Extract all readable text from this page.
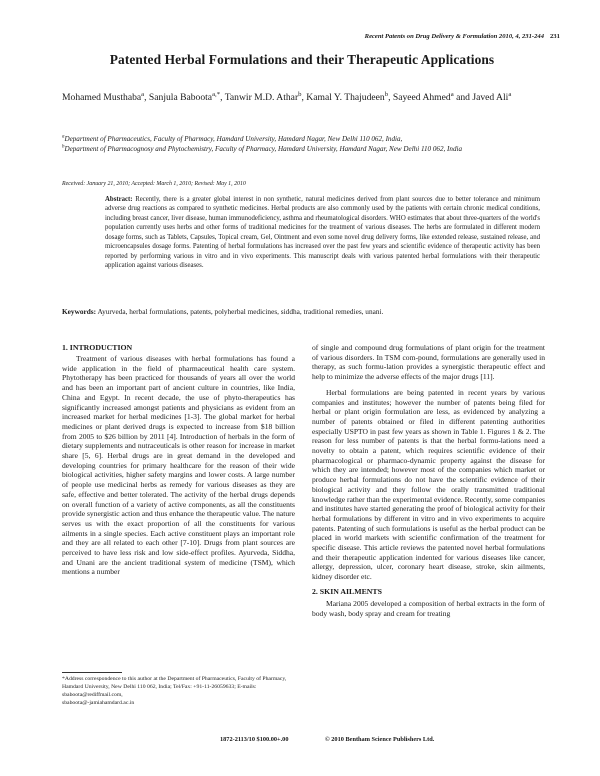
Recent Patents on Drug Delivery & Formulation 2010, 4, 231-244 231
Patented Herbal Formulations and their Therapeutic Applications
Mohamed Musthaba$^a$, Sanjula Baboota$^{a,*}$, Tanwir M.D. Athar$^b$, Kamal Y. Thajudeen$^b$, Sayeed Ahmed$^a$ and Javed Ali$^a$

$^a$Department of Pharmaceutics, Faculty of Pharmacy, Hamdard University, Hamdard Nagar, New Delhi 110 062, India,

$^b$Department of Pharmacognosy and Phytochemistry, Faculty of Pharmacy, Hamdard University, Hamdard Nagar, New Delhi 110 062, India

Received: January 21, 2010; Accepted: March 1, 2010; Revised: May 1, 2010
Abstract: Recently, there is a greater global interest in non synthetic, natural medicines derived from plant sources due to better tolerance and minimum adverse drug reactions as compared to synthetic medicines. Herbal products are also commonly used by the patients with certain chronic medical conditions, including breast cancer, liver disease, human immunodeficiency, asthma and rheumatological disorders. WHO estimates that about three-quarters of the world's population currently uses herbs and other forms of traditional medicines for the treatment of various diseases. The herbs are formulated in different modern dosage forms, such as Tablets, Capsules, Topical cream, Gel, Ointment and even some novel drug delivery forms, like extended release, sustained release, and microencapsules dosage forms. Patenting of herbal formulations has increased over the past few years and scientific evidence of therapeutic activity has been reported by performing various in vitro and in vivo experiments. This manuscript deals with various patented herbal formulations with their therapeutic application against various diseases.
Keywords: Ayurveda, herbal formulations, patents, polyherbal medicines, siddha, traditional remedies, unani.
1. INTRODUCTION

Treatment of various diseases with herbal formulations has found a wide application in the field of pharmaceutical health care system. Phytotherapy has been practiced for thousands of years all over the world and has been an important part of ancient culture in countries, like India, China and Egypt. In recent decade, the use of phyto-therapeutics has significantly increased amongst patients and physicians as evident from an increased market for herbal medicines [1-3]. The global market for herbal medicines or plant derived drugs is expected to increase from $18 billion from 2005 to $26 billion by 2011 [4]. Introduction of herbals in the form of dietary supplements and nutraceuticals is other reason for increase in market share [5, 6]. Herbal drugs are in great demand in the developed and developing countries for primary healthcare for the reason of their wide biological activities, higher safety margins and lower costs. A large number of people use medicinal herbs as remedy for various diseases as they are safe, effective and better tolerated. The activity of the herbal drugs depends on overall function of a variety of active components, as all the constituents provide synergistic action and thus enhance the therapeutic value. The nature serves us with the exact proportion of all the constituents for various ailments in a single species. Each active constituent plays an important role and they are all related to each other [7-10]. Drugs from plant sources are perceived to have less risk and low side-effect profiles. Ayurveda, Siddha, and Unani are the ancient traditional system of medicine (TSM), which mentions a number

of single and compound drug formulations of plant origin for the treatment of various disorders. In TSM com-pound, formulations are generally used in therapy, as such formu-lation provides a synergistic therapeutic effect and help to minimize the adverse effects of the major drugs [11].

Herbal formulations are being patented in recent years by various companies and institutes; however the number of patents being filed for herbal or plant origin formulation are less, as evidenced by analyzing a number of patents obtained or filed in different patenting authorities especially USPTO in past few years as shown in Table 1. Figures 1 & 2. The reason for less number of patents is that the herbal formu-lations need a novelty to obtain a patent, which requires scientific evidence of their pharmacological or pharmaco-dynamic property against the disease for which they are intended; however most of the companies which market or produce herbal formulations do not have the scientific evidence of their biological activity and they follow the orally transmitted traditional knowledge rather than the experimental evidence. Recently, some companies and institutes have started generating the proof of biological activity for their herbal formulations by different in vitro and in vivo experiments to acquire patents. Patenting of such formulations is useful as the herbal product can be placed in world markets with scientific confirmation of the treatment for specific disease. This article reviews the patented novel herbal formulations and their therapeutic application indented for various diseases like cancer, allergy, depression, ulcer, coronary heart disease, stroke, skin ailments, kidney disorder etc.

2. SKIN AILMENTS

Mariana 2005 developed a composition of herbal extracts in the form of body wash, body spray and cream for treating

*Address correspondence to this author at the Department of Pharmaceutics, Faculty of Pharmacy, Hamdard University, New Delhi 110 062, India; Tel/Fax: +91-11-26059633; E-mails: sbaboota@rediffmail.com,

sbaboota@-jamiahamdard.ac.in

1872-2113/10 $100.00+.00	© 2010 Bentham Science Publishers Ltd.
